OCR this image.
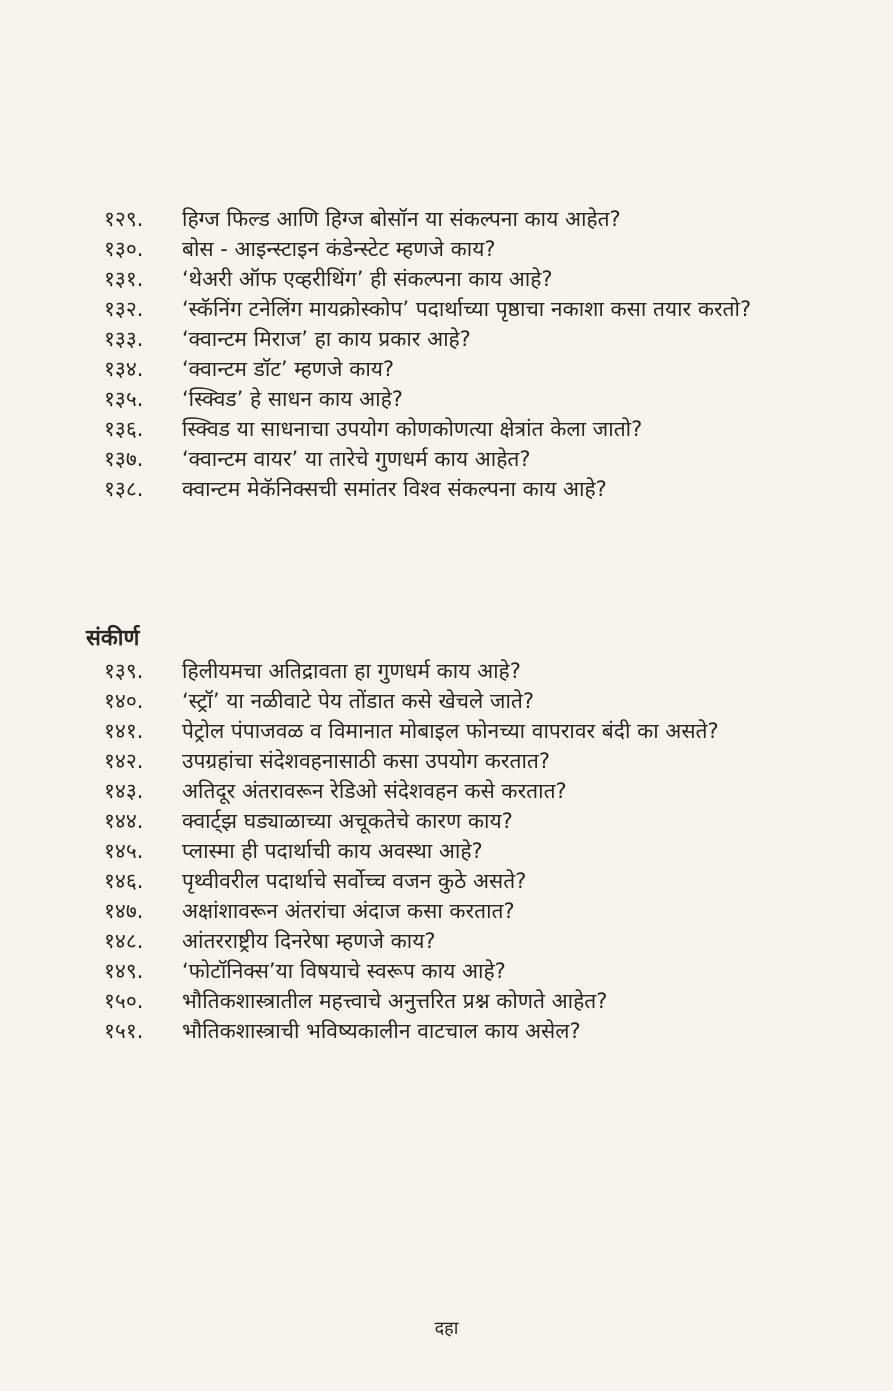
१२९.	हिग्ज फिल्ड आणि हिग्ज बोसॉन या संकल्पना काय आहेत?
१३०.	बोस - आइन्स्टाइन कंडेन्स्टेट म्हणजे काय?
१३१.	‘थेअरी ऑफ एव्हरीथिंग’ ही संकल्पना काय आहे?
१३२.	‘स्कॅनिंग टनेलिंग मायक्रोस्कोप’ पदार्थाच्या पृष्ठाचा नकाशा कसा तयार करतो?
१३३.	‘क्वान्टम मिराज’ हा काय प्रकार आहे?
१३४.	‘क्वान्टम डॉट’ म्हणजे काय?
१३५.	‘स्क्विड’ हे साधन काय आहे?
१३६.	स्क्विड या साधनाचा उपयोग कोणकोणत्या क्षेत्रांत केला जातो?
१३७.	‘क्वान्टम वायर’ या तारेचे गुणधर्म काय आहेत?
१३८.	क्वान्टम मेकॅनिक्सची समांतर विश्व संकल्पना काय आहे?
संकीर्ण
१३९.	हिलीयमचा अतिद्रावता हा गुणधर्म काय आहे?
१४०.	‘स्ट्रॉ’ या नळीवाटे पेय तोंडात कसे खेचले जाते?
१४१.	पेट्रोल पंपाजवळ व विमानात मोबाइल फोनच्या वापरावर बंदी का असते?
१४२.	उपग्रहांचा संदेशवहनासाठी कसा उपयोग करतात?
१४३.	अतिदूर अंतरावरून रेडिओ संदेशवहन कसे करतात?
१४४.	क्वार्ट्झ घड्याळाच्या अचूकतेचे कारण काय?
१४५.	प्लास्मा ही पदार्थाची काय अवस्था आहे?
१४६.	पृथ्वीवरील पदार्थाचे सर्वोच्च वजन कुठे असते?
१४७.	अक्षांशावरून अंतरांचा अंदाज कसा करतात?
१४८.	आंतरराष्ट्रीय दिनरेषा म्हणजे काय?
१४९.	‘फोटॉनिक्स’या विषयाचे स्वरूप काय आहे?
१५०.	भौतिकशास्त्रातील महत्त्वाचे अनुत्तरित प्रश्न कोणते आहेत?
१५१.	भौतिकशास्त्राची भविष्यकालीन वाटचाल काय असेल?
दहा
